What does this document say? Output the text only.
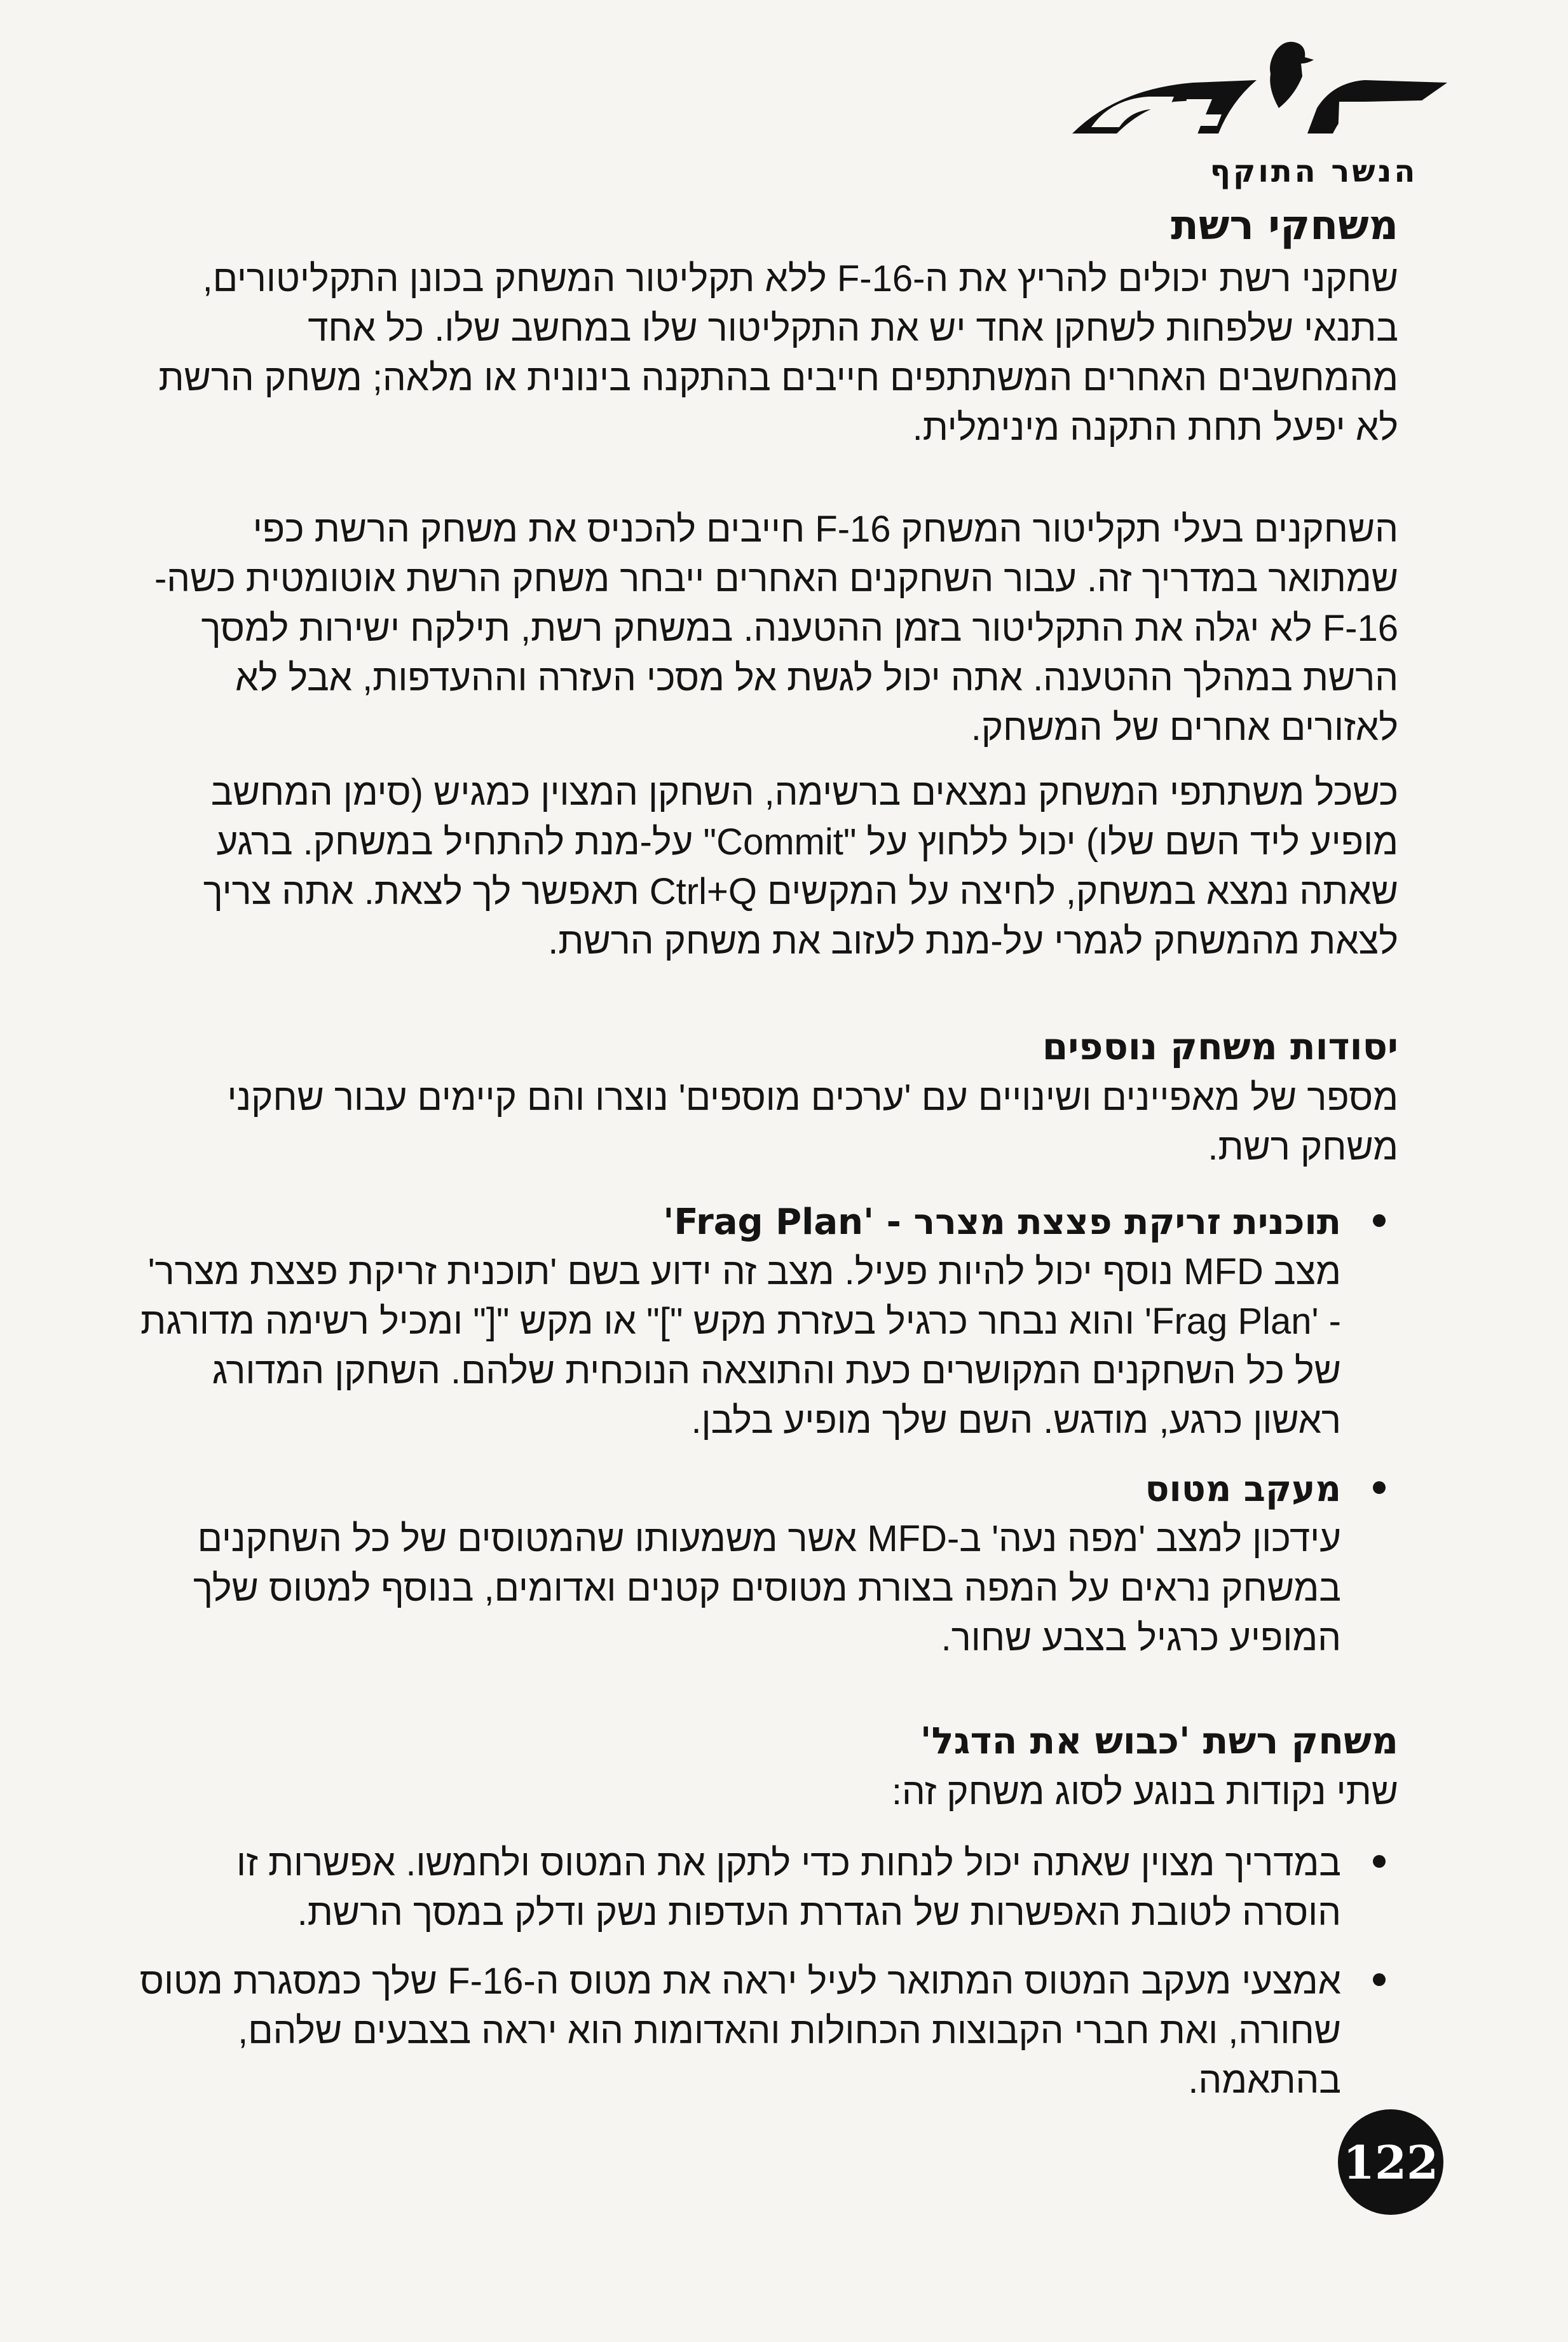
הנשר התוקף
משחקי רשת

שחקני רשת יכולים להריץ את ה-F-16 ללא תקליטור המשחק בכונן התקליטורים, בתנאי שלפחות לשחקן אחד יש את התקליטור שלו במחשב שלו. כל אחד מהמחשבים האחרים המשתתפים חייבים בהתקנה בינונית או מלאה; משחק הרשת לא יפעל תחת התקנה מינימלית.

השחקנים בעלי תקליטור המשחק F-16 חייבים להכניס את משחק הרשת כפי שמתואר במדריך זה. עבור השחקנים האחרים ייבחר משחק הרשת אוטומטית כשה-F-16 לא יגלה את התקליטור בזמן ההטענה. במשחק רשת, תילקח ישירות למסך הרשת במהלך ההטענה. אתה יכול לגשת אל מסכי העזרה וההעדפות, אבל לא לאזורים אחרים של המשחק.

כשכל משתתפי המשחק נמצאים ברשימה, השחקן המצוין כמגיש (סימן המחשב מופיע ליד השם שלו) יכול ללחוץ על "Commit" על-מנת להתחיל במשחק. ברגע שאתה נמצא במשחק, לחיצה על המקשים Ctrl+Q תאפשר לך לצאת. אתה צריך לצאת מהמשחק לגמרי על-מנת לעזוב את משחק הרשת.

יסודות משחק נוספים

מספר של מאפיינים ושינויים עם 'ערכים מוספים' נוצרו והם קיימים עבור שחקני משחק רשת.

תוכנית זריקת פצצת מצרר - 'Frag Plan'

מצב MFD נוסף יכול להיות פעיל. מצב זה ידוע בשם 'תוכנית זריקת פצצת מצרר' - 'Frag Plan' והוא נבחר כרגיל בעזרת מקש "]" או מקש "[" ומכיל רשימה מדורגת של כל השחקנים המקושרים כעת והתוצאה הנוכחית שלהם. השחקן המדורג ראשון כרגע, מודגש. השם שלך מופיע בלבן.

מעקב מטוס

עידכון למצב 'מפה נעה' ב-MFD אשר משמעותו שהמטוסים של כל השחקנים במשחק נראים על המפה בצורת מטוסים קטנים ואדומים, בנוסף למטוס שלך המופיע כרגיל בצבע שחור.

משחק רשת 'כבוש את הדגל'

שתי נקודות בנוגע לסוג משחק זה:

במדריך מצוין שאתה יכול לנחות כדי לתקן את המטוס ולחמשו. אפשרות זו הוסרה לטובת האפשרות של הגדרת העדפות נשק ודלק במסך הרשת.

אמצעי מעקב המטוס המתואר לעיל יראה את מטוס ה-F-16 שלך כמסגרת מטוס שחורה, ואת חברי הקבוצות הכחולות והאדומות הוא יראה בצבעים שלהם, בהתאמה.

122
